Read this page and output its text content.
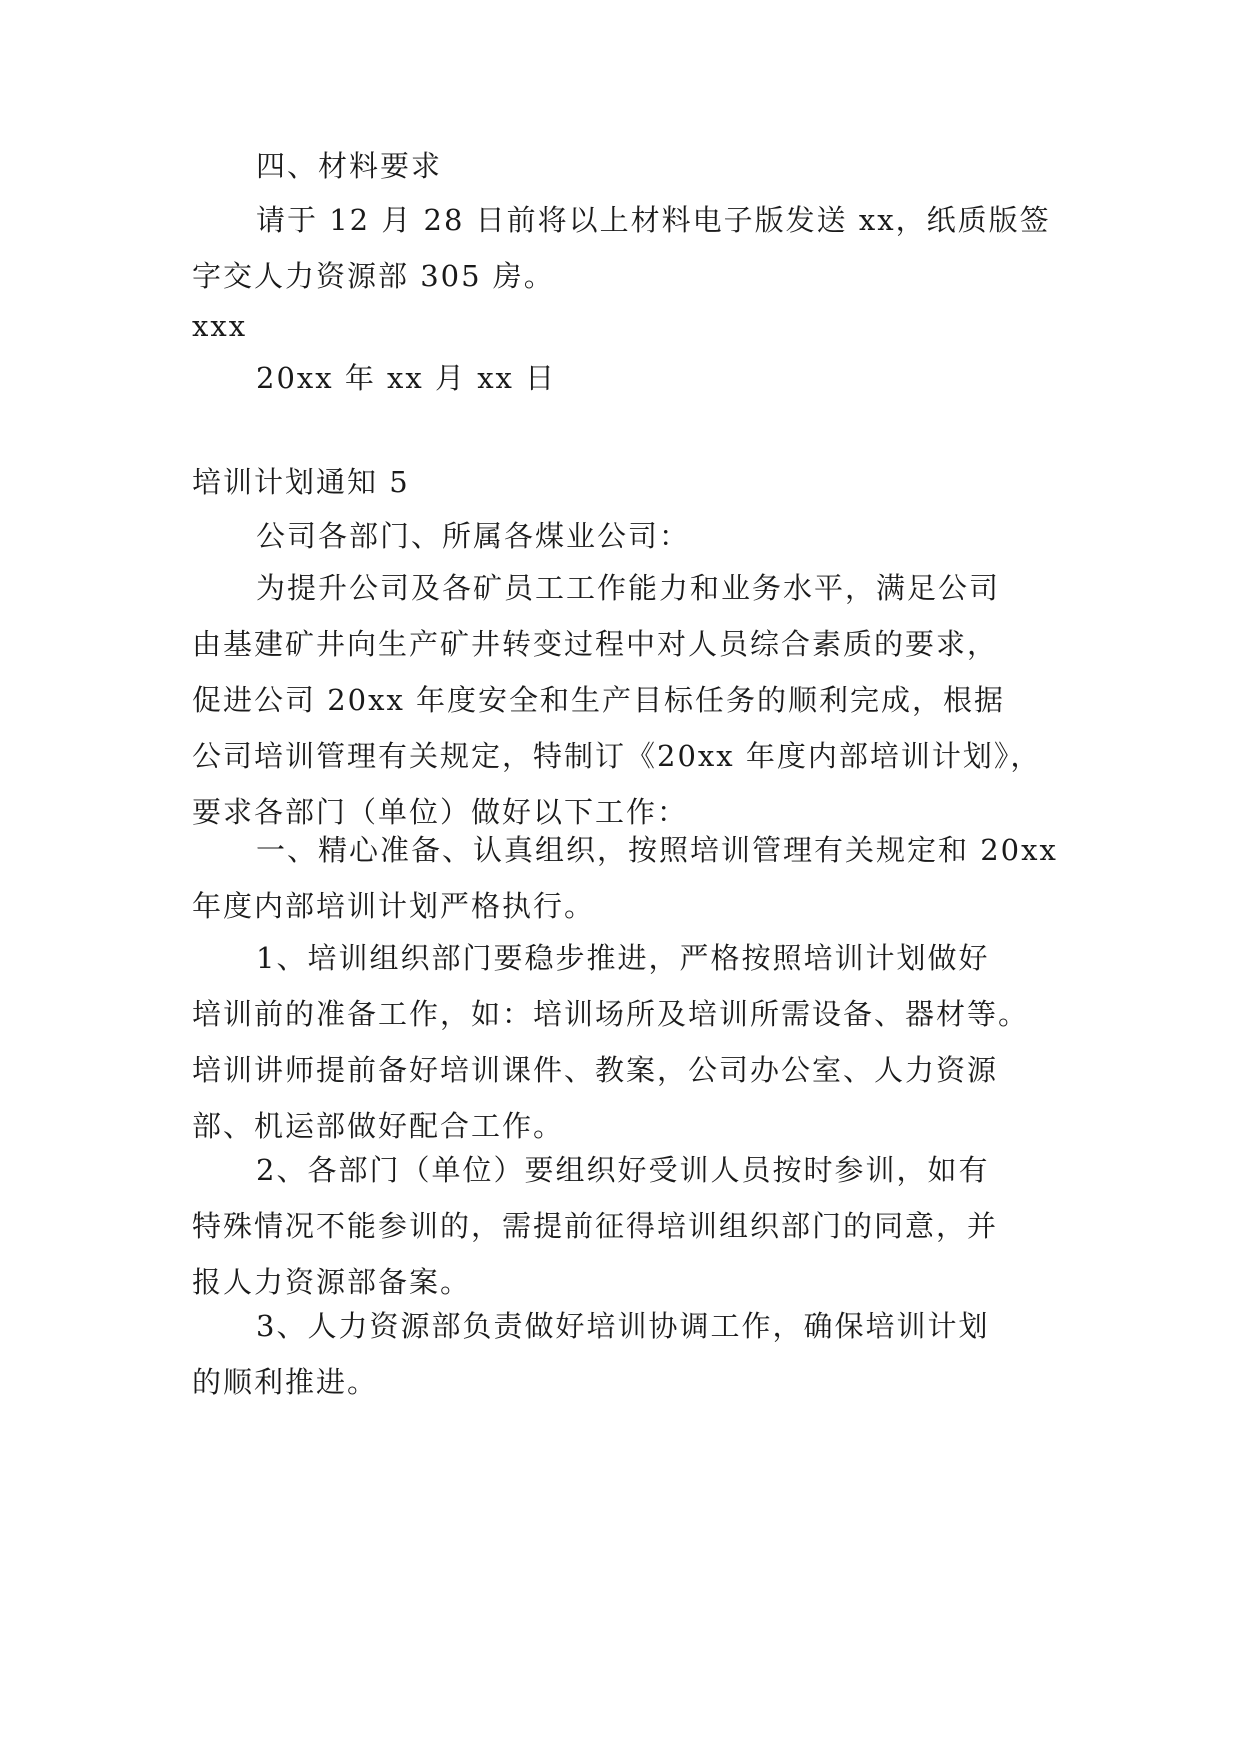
四、材料要求

请于 12 月 28 日前将以上材料电子版发送 xx，纸质版签
字交人力资源部 305 房。

xxx

20xx 年 xx 月 xx 日

培训计划通知 5

公司各部门、所属各煤业公司：

为提升公司及各矿员工工作能力和业务水平，满足公司
由基建矿井向生产矿井转变过程中对人员综合素质的要求，
促进公司 20xx 年度安全和生产目标任务的顺利完成，根据
公司培训管理有关规定，特制订《20xx 年度内部培训计划》，
要求各部门（单位）做好以下工作：

一、精心准备、认真组织，按照培训管理有关规定和 20xx
年度内部培训计划严格执行。

1、培训组织部门要稳步推进，严格按照培训计划做好
培训前的准备工作，如：培训场所及培训所需设备、器材等。
培训讲师提前备好培训课件、教案，公司办公室、人力资源
部、机运部做好配合工作。

2、各部门（单位）要组织好受训人员按时参训，如有
特殊情况不能参训的，需提前征得培训组织部门的同意，并
报人力资源部备案。

3、人力资源部负责做好培训协调工作，确保培训计划
的顺利推进。
